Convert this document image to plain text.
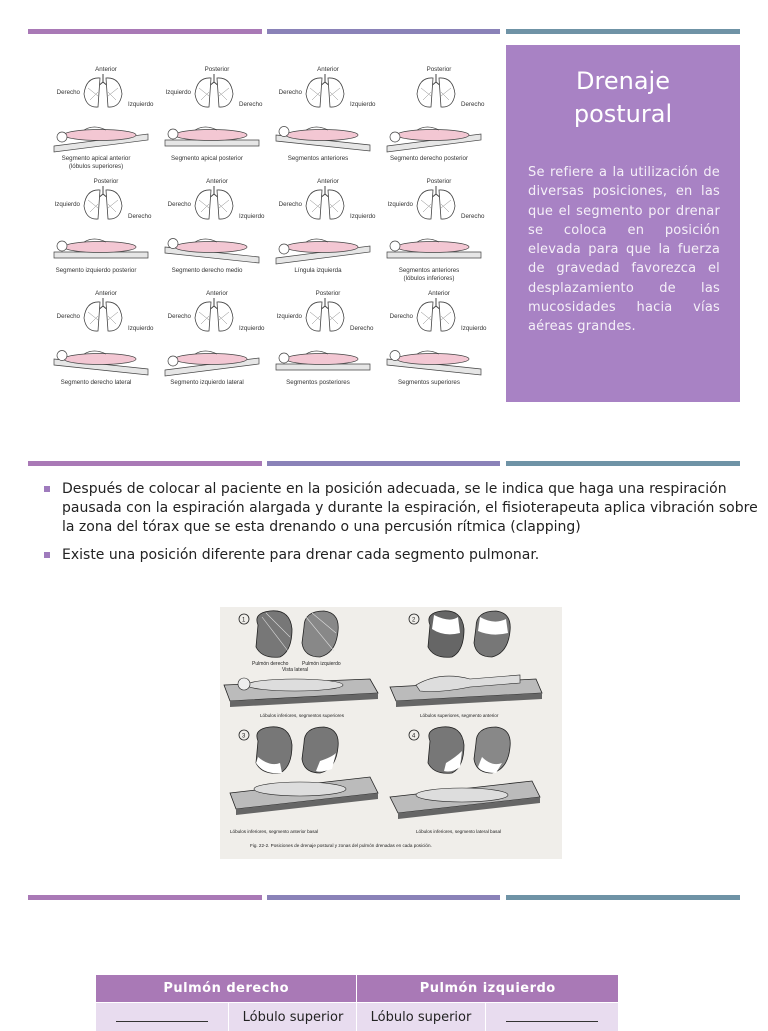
Anterior
Derecho
Izquierdo
Segmento apical anterior
(lóbulos superiores)
Posterior
Izquierdo
Derecho
Segmento apical posterior
Anterior
Derecho
Izquierdo
Segmentos anteriores
Posterior
Derecho
Segmento derecho posterior
Posterior
Izquierdo
Derecho
Segmento izquierdo posterior
Anterior
Derecho
Izquierdo
Segmento derecho medio
Anterior
Derecho
Izquierdo
Língula izquierda
Posterior
Izquierdo
Derecho
Segmentos anteriores
(lóbulos inferiores)
Anterior
Derecho
Izquierdo
Segmento derecho lateral
Anterior
Derecho
Izquierdo
Segmento izquierdo lateral
Posterior
Izquierdo
Derecho
Segmentos posteriores
Anterior
Derecho
Izquierdo
Segmentos superiores
Drenaje
postural
Se refiere a la utilización de diversas posiciones, en las que el segmento por drenar se coloca en posición elevada para que la fuerza de gravedad favorezca el desplazamiento de las mucosidades hacia vías aéreas grandes.
Después de colocar al paciente en la posición adecuada, se le indica que haga una respiración pausada con la espiración alargada y durante la espiración, el fisioterapeuta aplica vibración sobre la zona del tórax que se esta drenando o una percusión rítmica (clapping)
Existe una posición diferente para drenar cada segmento pulmonar.
1
Pulmón derecho	Pulmón izquierdo
Vista lateral
Lóbulos inferiores, segmentos superiores
2
Lóbulos superiores, segmento anterior
3
Lóbulos inferiores, segmento anterior basal
4
Lóbulos inferiores, segmento lateral basal
Fig. 22-2. Posiciones de drenaje postural y zonas del pulmón drenadas en cada posición.
Pulmón derecho		Pulmón izquierdo	
	Lóbulo superior	Lóbulo superior	
